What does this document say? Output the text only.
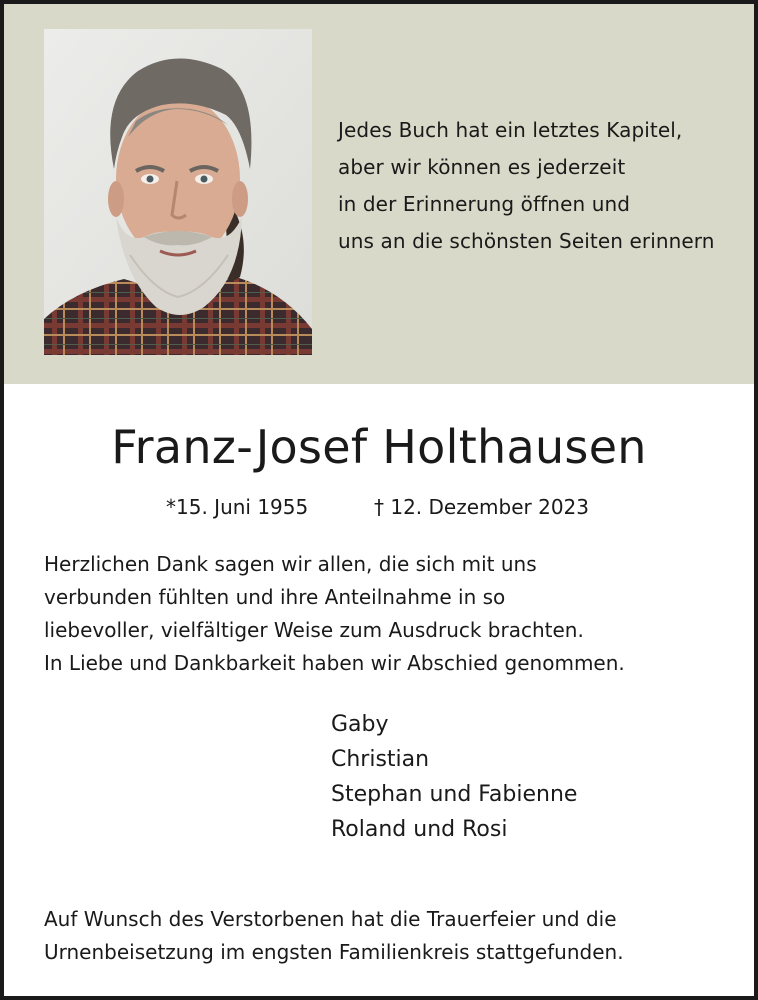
Jedes Buch hat ein letztes Kapitel,
aber wir können es jederzeit
in der Erinnerung öffnen und
uns an die schönsten Seiten erinnern
Franz-Josef Holthausen
*15. Juni 1955	† 12. Dezember 2023
Herzlichen Dank sagen wir allen, die sich mit uns
verbunden fühlten und ihre Anteilnahme in so
liebevoller, vielfältiger Weise zum Ausdruck brachten.
In Liebe und Dankbarkeit haben wir Abschied genommen.
Gaby
Christian
Stephan und Fabienne
Roland und Rosi
Auf Wunsch des Verstorbenen hat die Trauerfeier und die
Urnenbeisetzung im engsten Familienkreis stattgefunden.
